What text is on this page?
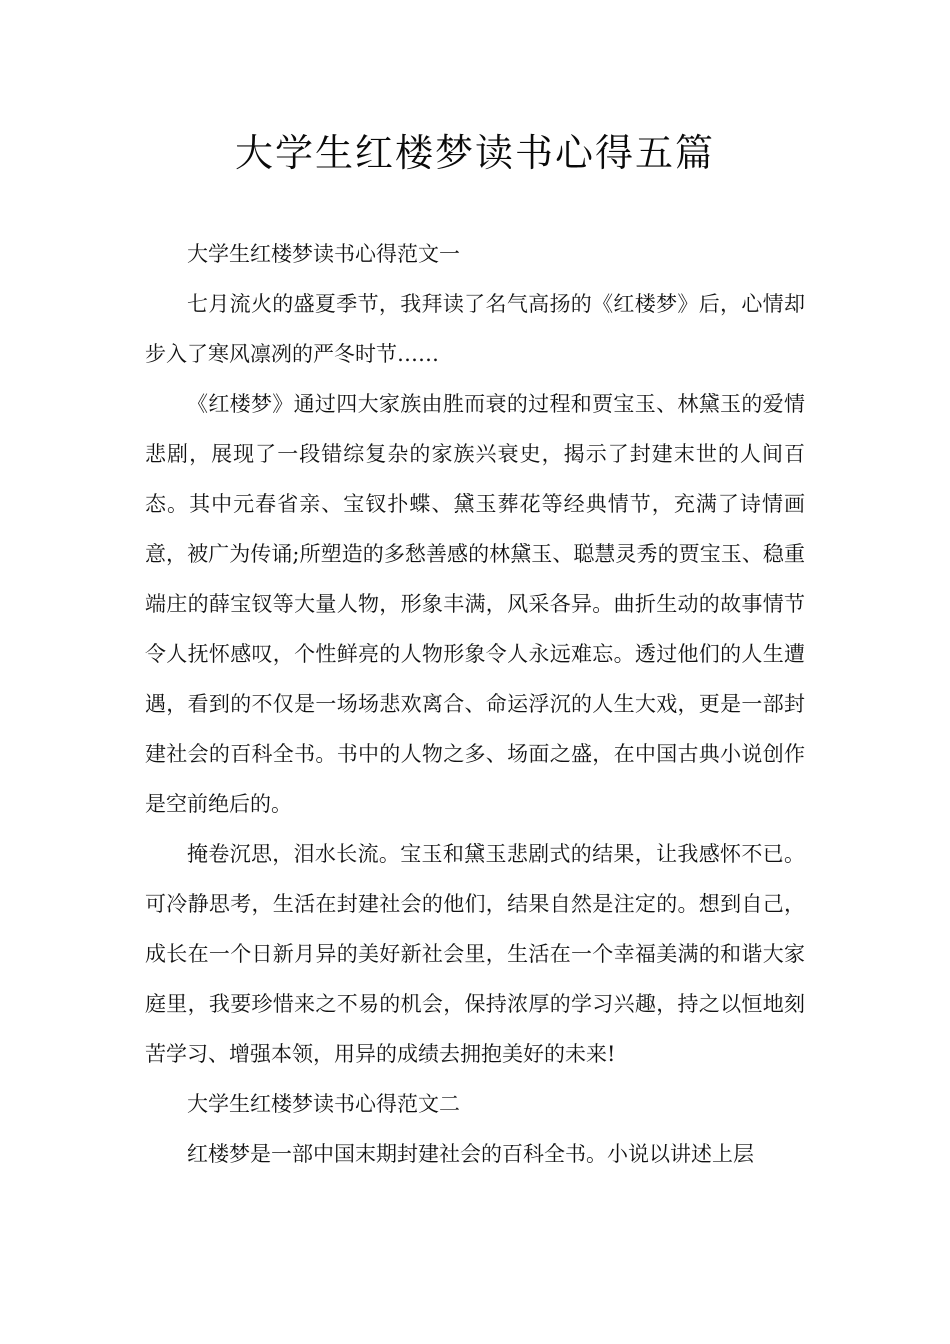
大学生红楼梦读书心得五篇

大学生红楼梦读书心得范文一

七月流火的盛夏季节，我拜读了名气高扬的《红楼梦》后，心情却步入了寒风凛冽的严冬时节……

《红楼梦》通过四大家族由胜而衰的过程和贾宝玉、林黛玉的爱情悲剧，展现了一段错综复杂的家族兴衰史，揭示了封建末世的人间百态。其中元春省亲、宝钗扑蝶、黛玉葬花等经典情节，充满了诗情画意，被广为传诵;所塑造的多愁善感的林黛玉、聪慧灵秀的贾宝玉、稳重端庄的薛宝钗等大量人物，形象丰满，风采各异。曲折生动的故事情节令人抚怀感叹，个性鲜亮的人物形象令人永远难忘。透过他们的人生遭遇，看到的不仅是一场场悲欢离合、命运浮沉的人生大戏，更是一部封建社会的百科全书。书中的人物之多、场面之盛，在中国古典小说创作是空前绝后的。

掩卷沉思，泪水长流。宝玉和黛玉悲剧式的结果，让我感怀不已。可冷静思考，生活在封建社会的他们，结果自然是注定的。想到自己，成长在一个日新月异的美好新社会里，生活在一个幸福美满的和谐大家庭里，我要珍惜来之不易的机会，保持浓厚的学习兴趣，持之以恒地刻苦学习、增强本领，用异的成绩去拥抱美好的未来!

大学生红楼梦读书心得范文二

红楼梦是一部中国末期封建社会的百科全书。小说以讲述上层
